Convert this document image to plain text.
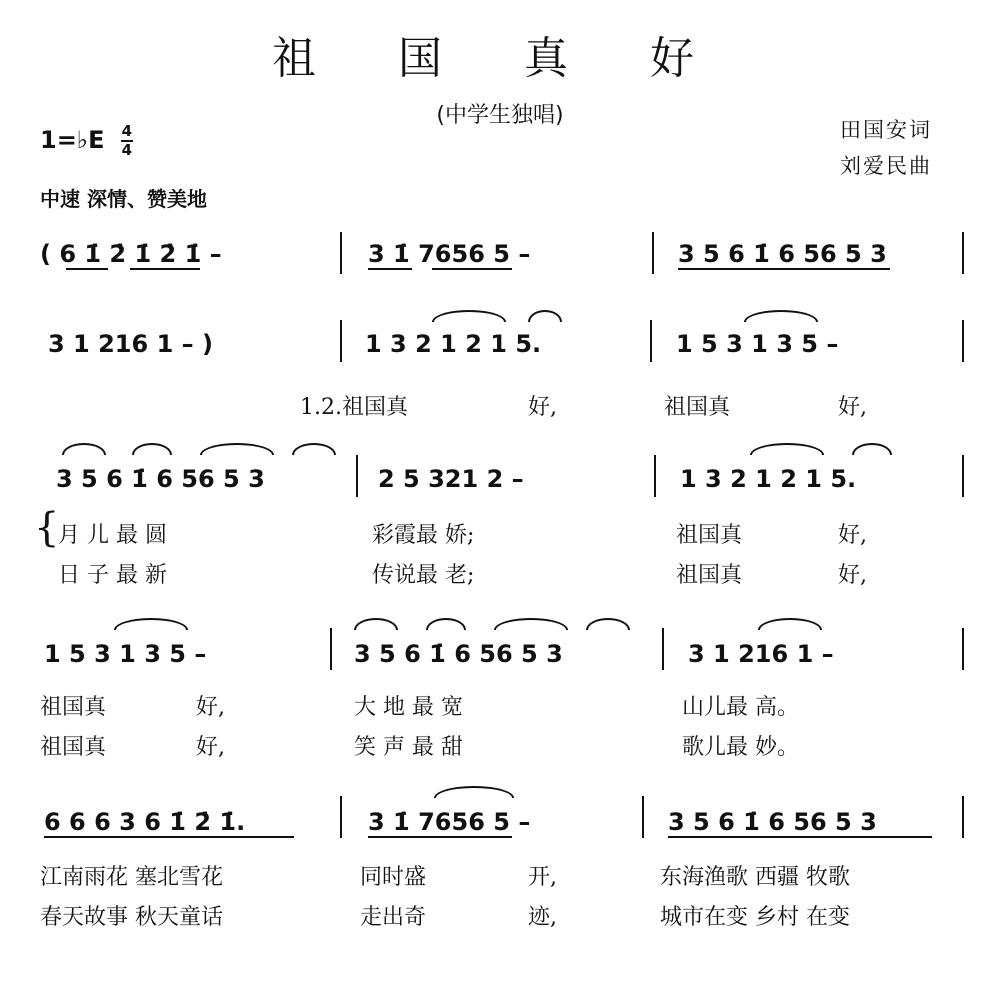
祖 国 真 好
(中学生独唱)
田国安词
刘爱民曲
1=♭E $\frac{4}{4}$
中速 深情、赞美地
( 6 1̇ 2̇ 1̇ 2̇ 1̇ –	3 1̇ 7656 5 –	3 5 6 1̇ 6 56 5 3
3 1 216 1 – )	1 3 2 1 2 1 5.	1 5 3 1 3 5 –
1.2.祖国真	好,	祖国真	好,
3 5 6 1̇ 6 56 5 3	2 5 321 2 –	1 3 2 1 2 1 5.
{
月 儿 最 圆	彩霞最 娇;	祖国真	好,
日 子 最 新	传说最 老;	祖国真	好,
1 5 3 1 3 5 –	3 5 6 1̇ 6 56 5 3	3 1 216 1 –
祖国真	好,	大 地 最 宽	山儿最 高。
祖国真	好,	笑 声 最 甜	歌儿最 妙。
6 6 6 3 6 1̇ 2̇ 1̇.	3 1̇ 7656 5 –	3 5 6 1̇ 6 56 5 3
江南雨花 塞北雪花	同时盛	开,	东海渔歌 西疆 牧歌
春天故事 秋天童话	走出奇	迹,	城市在变 乡村 在变
